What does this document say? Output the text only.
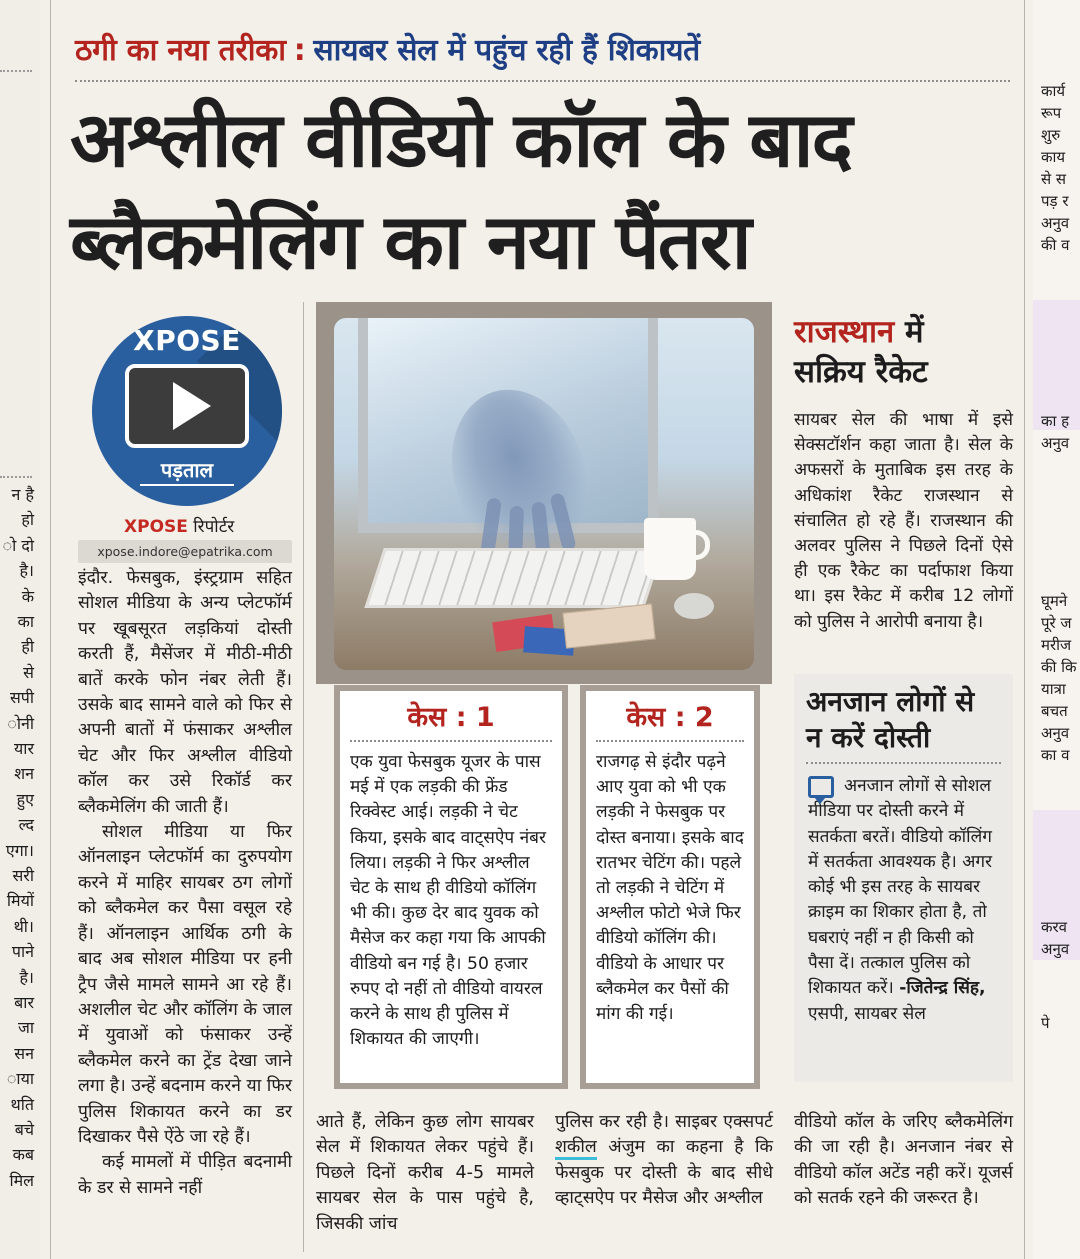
न है
हो
ो दो
है।
के
का
ही
से
सपी
ोनी
यार
शन
हुए
ल्द
एगा।
सरी
मियों
थी।
पाने
है।
बार
जा
सन
ाया
थति
बचे
कब
मिल
ठगी का नया तरीका : सायबर सेल में पहुंच रही हैं शिकायतें
अश्लील वीडियो कॉल के बाद
ब्लैकमेलिंग का नया पैंतरा
XPOSE
पड़ताल
XPOSE रिपोर्टर
xpose.indore@epatrika.com

इंदौर. फेसबुक, इंस्ट्रग्राम सहित सोशल मीडिया के अन्य प्लेटफॉर्म पर खूबसूरत लड़कियां दोस्ती करती हैं, मैसेंजर में मीठी-मीठी बातें करके फोन नंबर लेती हैं। उसके बाद सामने वाले को फिर से अपनी बातों में फंसाकर अश्लील चेट और फिर अश्लील वीडियो कॉल कर उसे रिकॉर्ड कर ब्लैकमेलिंग की जाती हैं।

सोशल मीडिया या फिर ऑनलाइन प्लेटफॉर्म का दुरुपयोग करने में माहिर सायबर ठग लोगों को ब्लैकमेल कर पैसा वसूल रहे हैं। ऑनलाइन आर्थिक ठगी के बाद अब सोशल मीडिया पर हनी ट्रैप जैसे मामले सामने आ रहे हैं। अशलील चेट और कॉलिंग के जाल में युवाओं को फंसाकर उन्हें ब्लैकमेल करने का ट्रेंड देखा जाने लगा है। उन्हें बदनाम करने या फिर पुलिस शिकायत करने का डर दिखाकर पैसे ऐंठे जा रहे हैं।

कई मामलों में पीड़ित बदनामी के डर से सामने नहीं

केस : 1
एक युवा फेसबुक यूजर के पास मई में एक लड़की की फ्रेंड रिक्वेस्ट आई। लड़की ने चेट किया, इसके बाद वाट्सऐप नंबर लिया। लड़की ने फिर अश्लील चेट के साथ ही वीडियो कॉलिंग भी की। कुछ देर बाद युवक को मैसेज कर कहा गया कि आपकी वीडियो बन गई है। 50 हजार रुपए दो नहीं तो वीडियो वायरल करने के साथ ही पुलिस में शिकायत की जाएगी।
केस : 2
राजगढ़ से इंदौर पढ़ने आए युवा को भी एक लड़की ने फेसबुक पर दोस्त बनाया। इसके बाद रातभर चेटिंग की। पहले तो लड़की ने चेटिंग में अश्लील फोटो भेजे फिर वीडियो कॉलिंग की। वीडियो के आधार पर ब्लैकमेल कर पैसों की मांग की गई।
राजस्थान में
सक्रिय रैकेट
सायबर सेल की भाषा में इसे सेक्सटॉर्शन कहा जाता है। सेल के अफसरों के मुताबिक इस तरह के अधिकांश रैकेट राजस्थान से संचालित हो रहे हैं। राजस्थान की अलवर पुलिस ने पिछले दिनों ऐसे ही एक रैकेट का पर्दाफाश किया था। इस रैकेट में करीब 12 लोगों को पुलिस ने आरोपी बनाया है।
अनजान लोगों से
न करें दोस्ती
अनजान लोगों से सोशल मीडिया पर दोस्ती करने में सतर्कता बरतें। वीडियो कॉलिंग में सतर्कता आवश्यक है। अगर कोई भी इस तरह के सायबर क्राइम का शिकार होता है, तो घबराएं नहीं न ही किसी को पैसा दें। तत्काल पुलिस को शिकायत करें। -जितेन्द्र सिंह, एसपी, सायबर सेल
आते हैं, लेकिन कुछ लोग सायबर सेल में शिकायत लेकर पहुंचे हैं। पिछले दिनों करीब 4-5 मामले सायबर सेल के पास पहुंचे है, जिसकी जांच
पुलिस कर रही है। साइबर एक्सपर्ट शकील अंजुम का कहना है कि फेसबुक पर दोस्ती के बाद सीधे व्हाट्सऐप पर मैसेज और अश्लील
वीडियो कॉल के जरिए ब्लैकमेलिंग की जा रही है। अनजान नंबर से वीडियो कॉल अटेंड नही करें। यूजर्स को सतर्क रहने की जरूरत है।
कार्य
रूप
शुरु
काय
से स
पड़ र
अनुव
की व
का ह
अनुव
घूमने
पूरे ज
मरीज
की कि
यात्रा
बचत
अनुव
का व
करव
अनुव
पे
